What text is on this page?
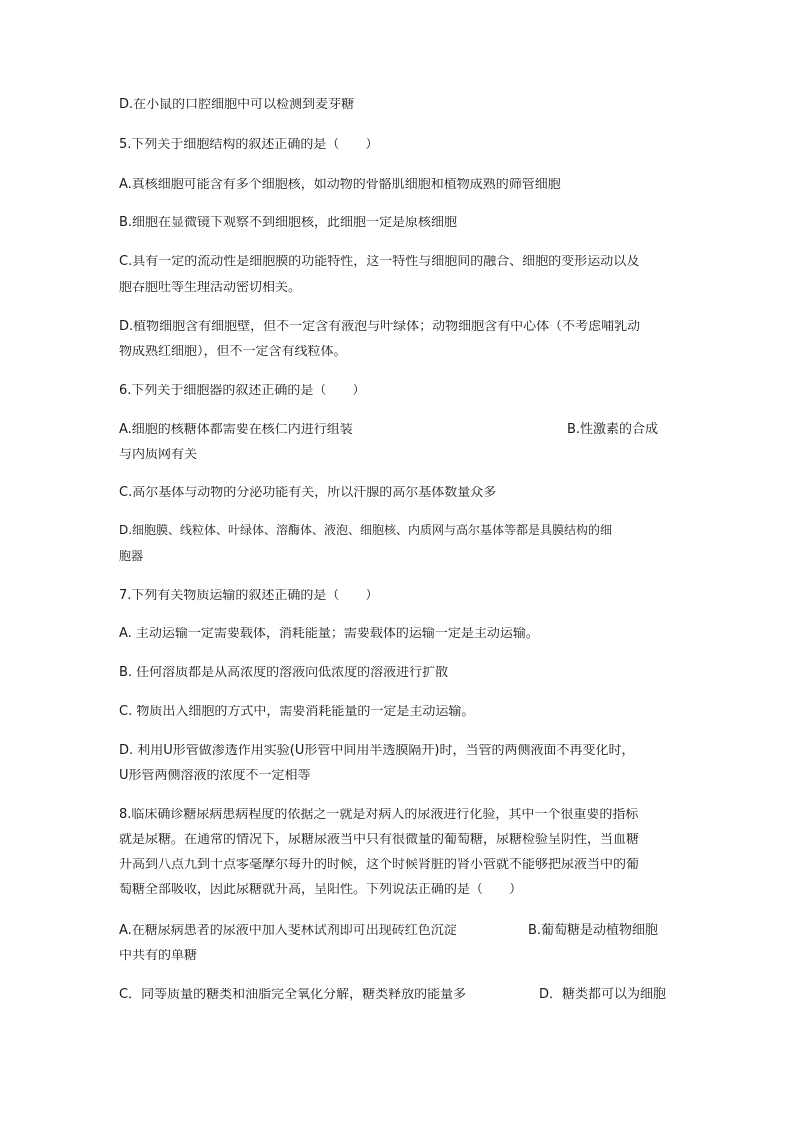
D.在小鼠的口腔细胞中可以检测到麦芽糖
5.下列关于细胞结构的叙述正确的是（　　）
A.真核细胞可能含有多个细胞核，如动物的骨骼肌细胞和植物成熟的筛管细胞
B.细胞在显微镜下观察不到细胞核，此细胞一定是原核细胞
C.具有一定的流动性是细胞膜的功能特性，这一特性与细胞间的融合、细胞的变形运动以及
胞吞胞吐等生理活动密切相关。
D.植物细胞含有细胞壁，但不一定含有液泡与叶绿体；动物细胞含有中心体（不考虑哺乳动
物成熟红细胞），但不一定含有线粒体。
6.下列关于细胞器的叙述正确的是（　　）
A.细胞的核糖体都需要在核仁内进行组装	B.性激素的合成
与内质网有关
C.高尔基体与动物的分泌功能有关，所以汗腺的高尔基体数量众多
D.细胞膜、线粒体、叶绿体、溶酶体、液泡、细胞核、内质网与高尔基体等都是具膜结构的细
胞器
7.下列有关物质运输的叙述正确的是（　　）
A. 主动运输一定需要载体，消耗能量；需要载体的运输一定是主动运输。
B. 任何溶质都是从高浓度的溶液向低浓度的溶液进行扩散
C. 物质出入细胞的方式中，需要消耗能量的一定是主动运输。
D. 利用U形管做渗透作用实验(U形管中间用半透膜隔开)时，当管的两侧液面不再变化时，
U形管两侧溶液的浓度不一定相等
8.临床确诊糖尿病患病程度的依据之一就是对病人的尿液进行化验，其中一个很重要的指标
就是尿糖。在通常的情况下，尿糖尿液当中只有很微量的葡萄糖，尿糖检验呈阴性，当血糖
升高到八点九到十点零毫摩尔每升的时候，这个时候肾脏的肾小管就不能够把尿液当中的葡
萄糖全部吸收，因此尿糖就升高，呈阳性。下列说法正确的是（　　）
A.在糖尿病患者的尿液中加入斐林试剂即可出现砖红色沉淀	B.葡萄糖是动植物细胞
中共有的单糖
C．同等质量的糖类和油脂完全氧化分解，糖类释放的能量多	D．糖类都可以为细胞
